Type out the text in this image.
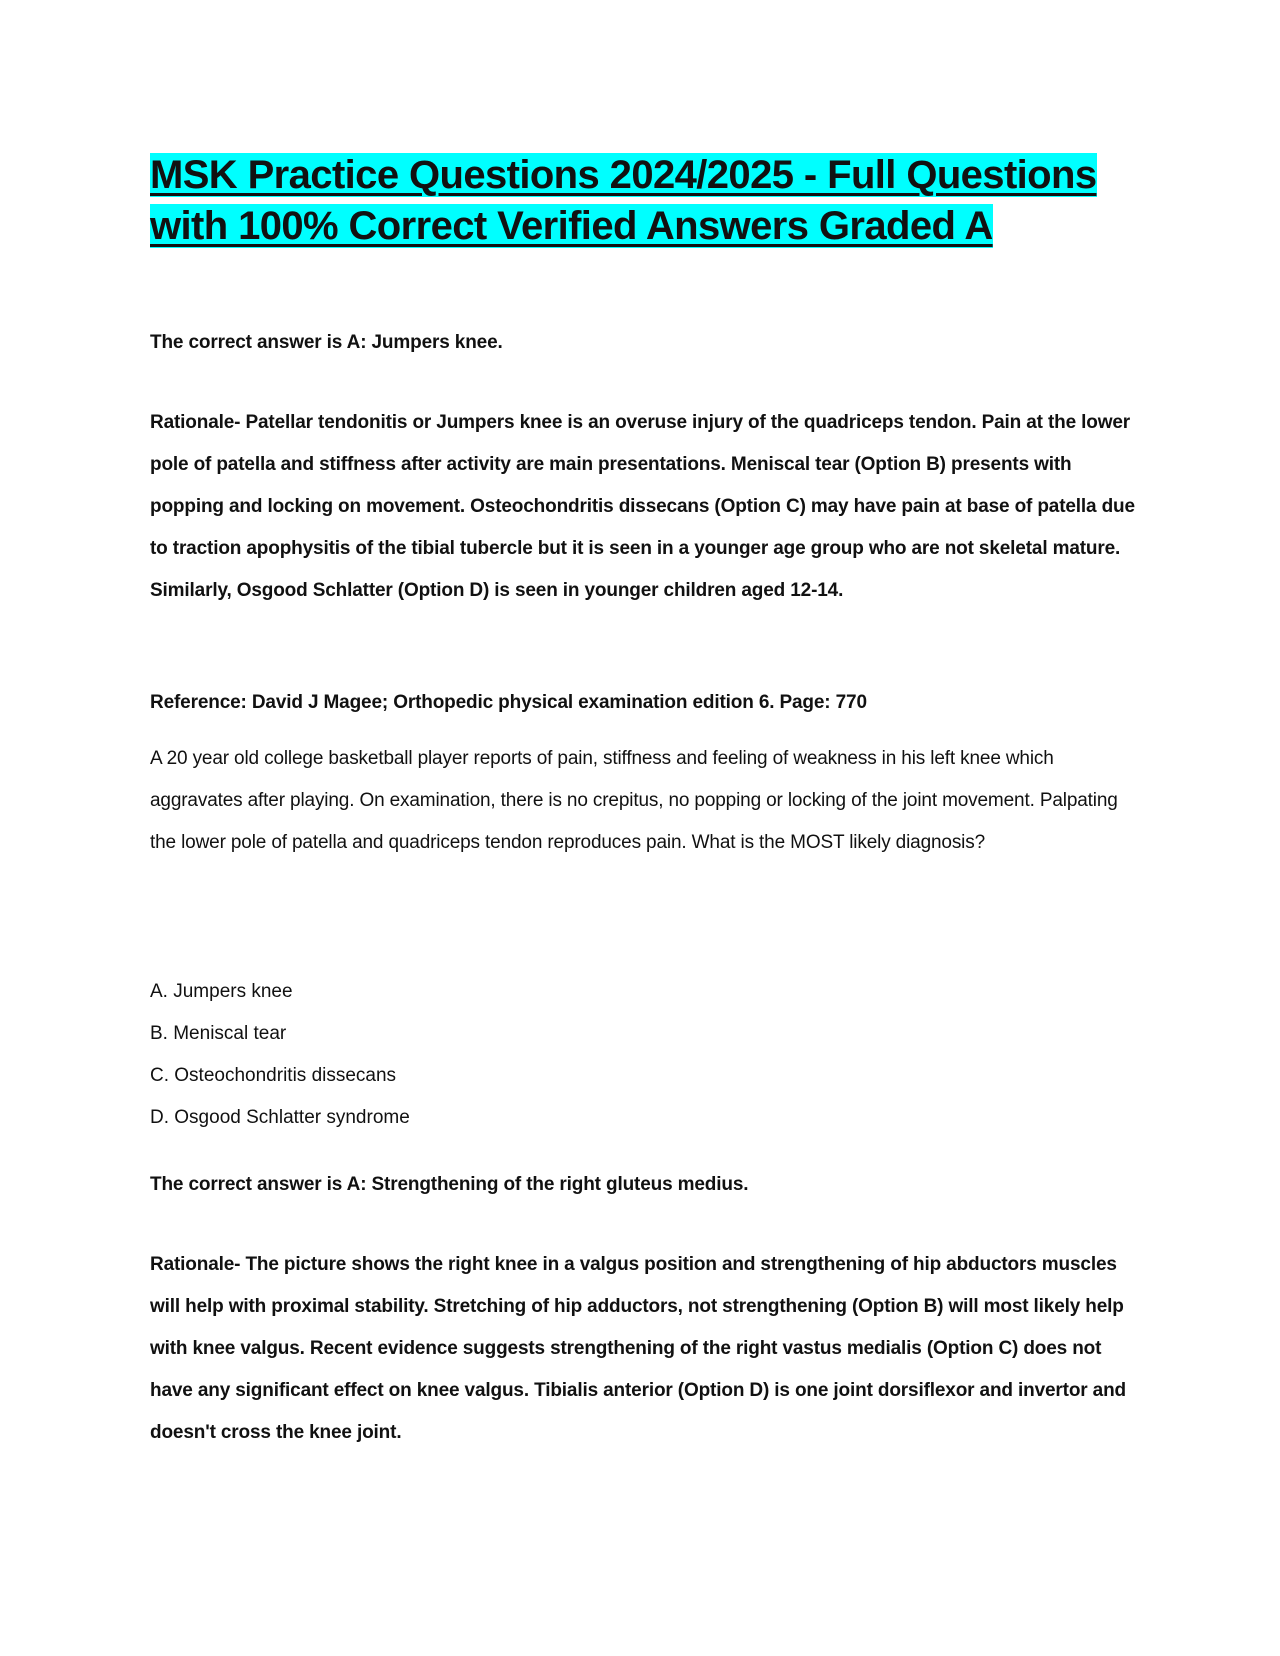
MSK Practice Questions 2024/2025 - Full Questions with 100% Correct Verified Answers Graded A

The correct answer is A: Jumpers knee.

Rationale- Patellar tendonitis or Jumpers knee is an overuse injury of the quadriceps tendon. Pain at the lower pole of patella and stiffness after activity are main presentations. Meniscal tear (Option B) presents with popping and locking on movement. Osteochondritis dissecans (Option C) may have pain at base of patella due to traction apophysitis of the tibial tubercle but it is seen in a younger age group who are not skeletal mature. Similarly, Osgood Schlatter (Option D) is seen in younger children aged 12-14.

Reference: David J Magee; Orthopedic physical examination edition 6. Page: 770

A 20 year old college basketball player reports of pain, stiffness and feeling of weakness in his left knee which aggravates after playing. On examination, there is no crepitus, no popping or locking of the joint movement. Palpating the lower pole of patella and quadriceps tendon reproduces pain. What is the MOST likely diagnosis?

A. Jumpers knee
B. Meniscal tear
C. Osteochondritis dissecans
D. Osgood Schlatter syndrome

The correct answer is A: Strengthening of the right gluteus medius.

Rationale- The picture shows the right knee in a valgus position and strengthening of hip abductors muscles will help with proximal stability. Stretching of hip adductors, not strengthening (Option B) will most likely help with knee valgus. Recent evidence suggests strengthening of the right vastus medialis (Option C) does not have any significant effect on knee valgus. Tibialis anterior (Option D) is one joint dorsiflexor and invertor and doesn't cross the knee joint.
